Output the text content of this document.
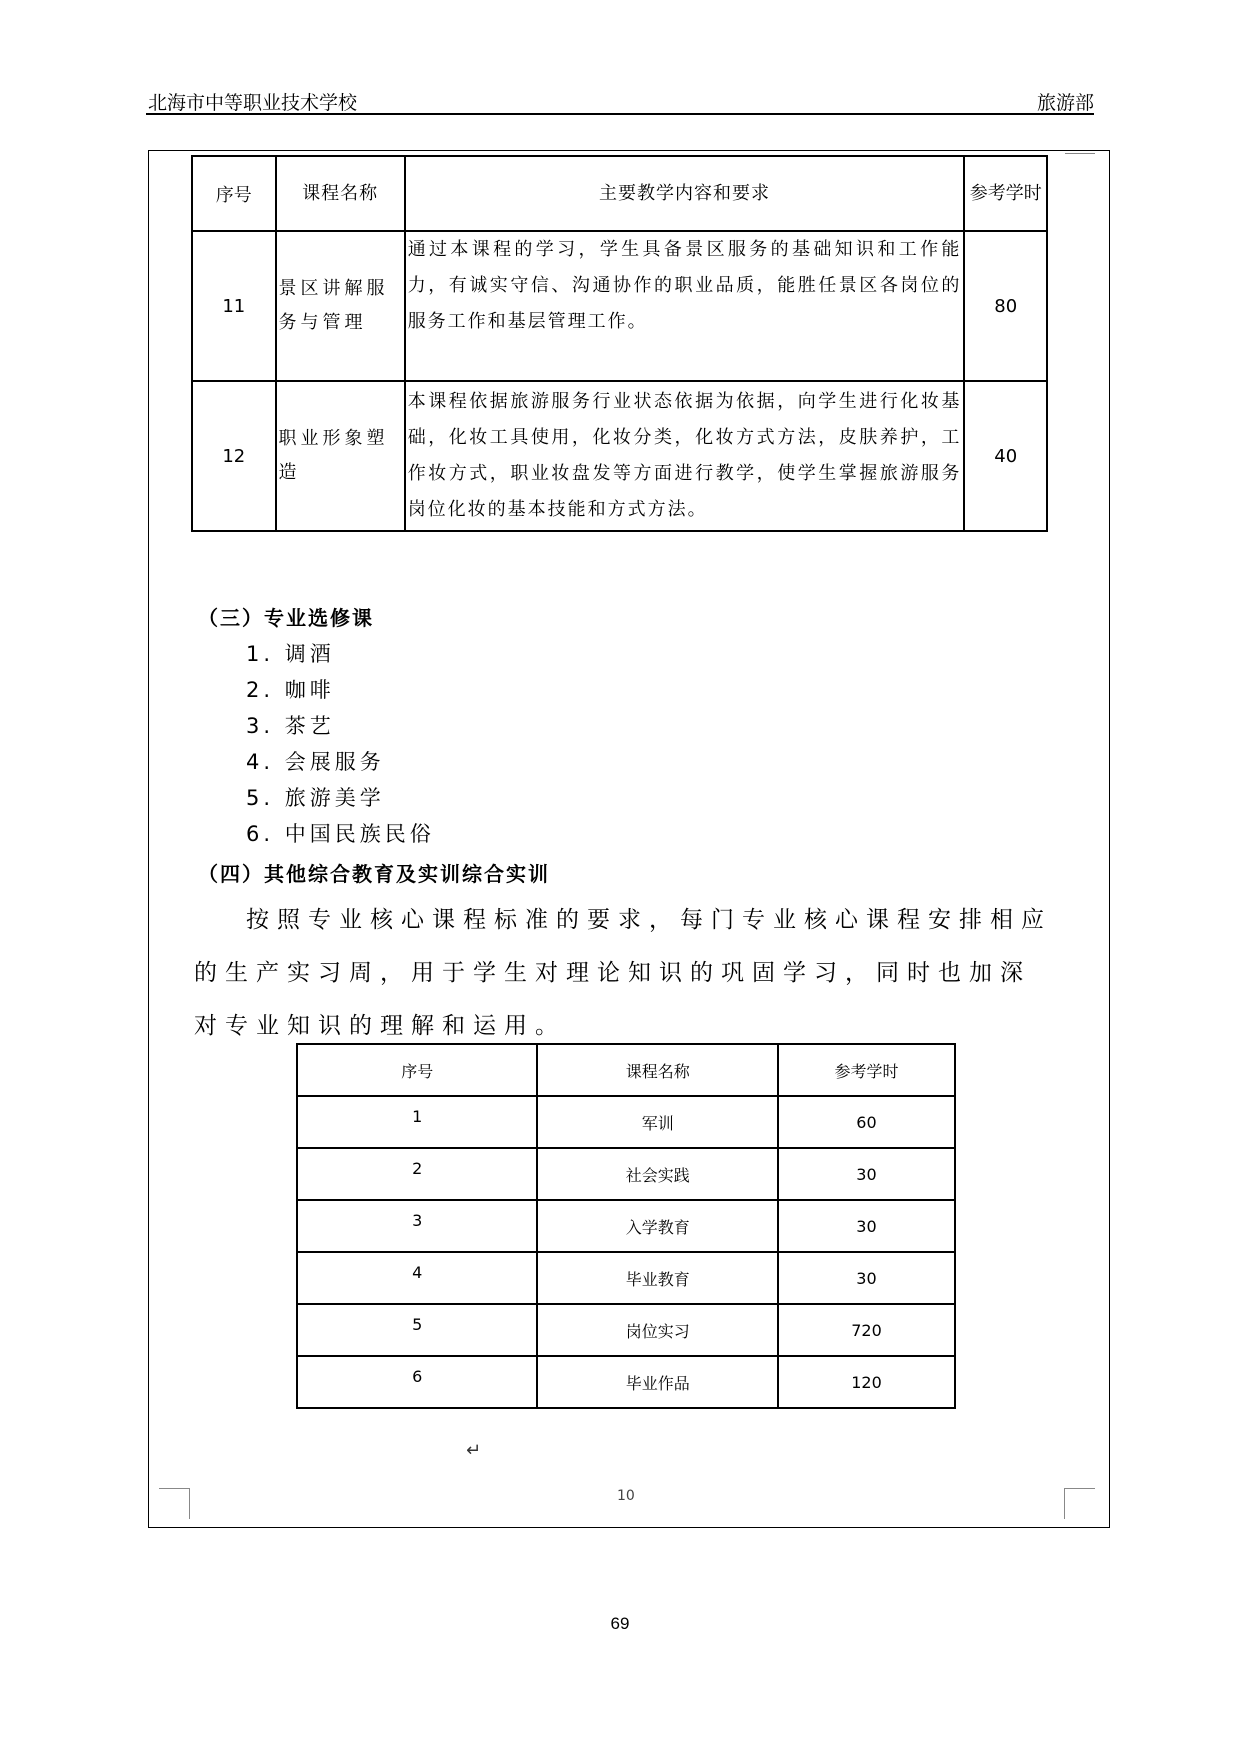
北海市中等职业技术学校	旅游部
序号	课程名称	主要教学内容和要求	参考学时
11	景区讲解服务与管理	通过本课程的学习，学生具备景区服务的基础知识和工作能力，有诚实守信、沟通协作的职业品质，能胜任景区各岗位的服务工作和基层管理工作。	80
12	职业形象塑造	本课程依据旅游服务行业状态依据为依据，向学生进行化妆基础，化妆工具使用，化妆分类，化妆方式方法，皮肤养护，工作妆方式，职业妆盘发等方面进行教学，使学生掌握旅游服务岗位化妆的基本技能和方式方法。	40
（三）专业选修课
1. 调酒
2. 咖啡
3. 茶艺
4. 会展服务
5. 旅游美学
6. 中国民族民俗
（四）其他综合教育及实训综合实训
按照专业核心课程标准的要求，每门专业核心课程安排相应的生产实习周，用于学生对理论知识的巩固学习，同时也加深对专业知识的理解和运用。
序号	课程名称	参考学时
1	军训	60
2	社会实践	30
3	入学教育	30
4	毕业教育	30
5	岗位实习	720
6	毕业作品	120
↵
10
69
